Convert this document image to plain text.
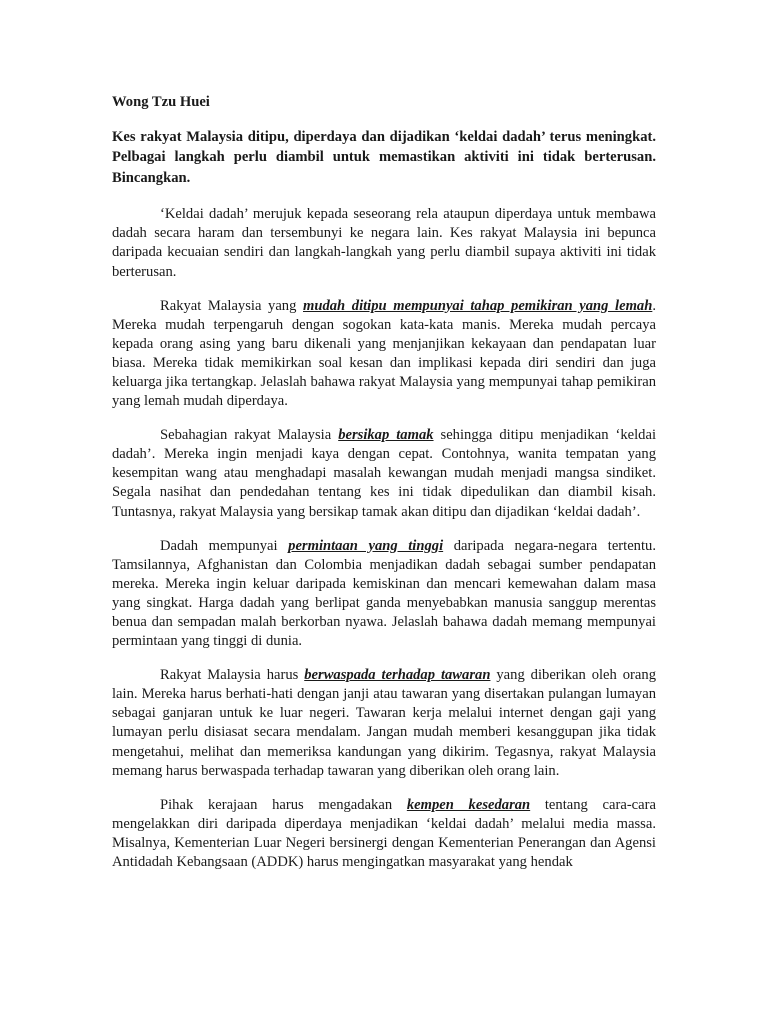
Wong Tzu Huei

Kes rakyat Malaysia ditipu, diperdaya dan dijadikan ‘keldai dadah’ terus meningkat. Pelbagai langkah perlu diambil untuk memastikan aktiviti ini tidak berterusan. Bincangkan.

‘Keldai dadah’ merujuk kepada seseorang rela ataupun diperdaya untuk membawa dadah secara haram dan tersembunyi ke negara lain. Kes rakyat Malaysia ini bepunca daripada kecuaian sendiri dan langkah-langkah yang perlu diambil supaya aktiviti ini tidak berterusan.

Rakyat Malaysia yang mudah ditipu mempunyai tahap pemikiran yang lemah. Mereka mudah terpengaruh dengan sogokan kata-kata manis. Mereka mudah percaya kepada orang asing yang baru dikenali yang menjanjikan kekayaan dan pendapatan luar biasa. Mereka tidak memikirkan soal kesan dan implikasi kepada diri sendiri dan juga keluarga jika tertangkap. Jelaslah bahawa rakyat Malaysia yang mempunyai tahap pemikiran yang lemah mudah diperdaya.

Sebahagian rakyat Malaysia bersikap tamak sehingga ditipu menjadikan ‘keldai dadah’. Mereka ingin menjadi kaya dengan cepat. Contohnya, wanita tempatan yang kesempitan wang atau menghadapi masalah kewangan mudah menjadi mangsa sindiket. Segala nasihat dan pendedahan tentang kes ini tidak dipedulikan dan diambil kisah. Tuntasnya, rakyat Malaysia yang bersikap tamak akan ditipu dan dijadikan ‘keldai dadah’.

Dadah mempunyai permintaan yang tinggi daripada negara-negara tertentu. Tamsilannya, Afghanistan dan Colombia menjadikan dadah sebagai sumber pendapatan mereka. Mereka ingin keluar daripada kemiskinan dan mencari kemewahan dalam masa yang singkat. Harga dadah yang berlipat ganda menyebabkan manusia sanggup merentas benua dan sempadan malah berkorban nyawa. Jelaslah bahawa dadah memang mempunyai permintaan yang tinggi di dunia.

Rakyat Malaysia harus berwaspada terhadap tawaran yang diberikan oleh orang lain. Mereka harus berhati-hati dengan janji atau tawaran yang disertakan pulangan lumayan sebagai ganjaran untuk ke luar negeri. Tawaran kerja melalui internet dengan gaji yang lumayan perlu disiasat secara mendalam. Jangan mudah memberi kesanggupan jika tidak mengetahui, melihat dan memeriksa kandungan yang dikirim. Tegasnya, rakyat Malaysia memang harus berwaspada terhadap tawaran yang diberikan oleh orang lain.

Pihak kerajaan harus mengadakan kempen kesedaran tentang cara-cara mengelakkan diri daripada diperdaya menjadikan ‘keldai dadah’ melalui media massa. Misalnya, Kementerian Luar Negeri bersinergi dengan Kementerian Penerangan dan Agensi Antidadah Kebangsaan (ADDK) harus mengingatkan masyarakat yang hendak
